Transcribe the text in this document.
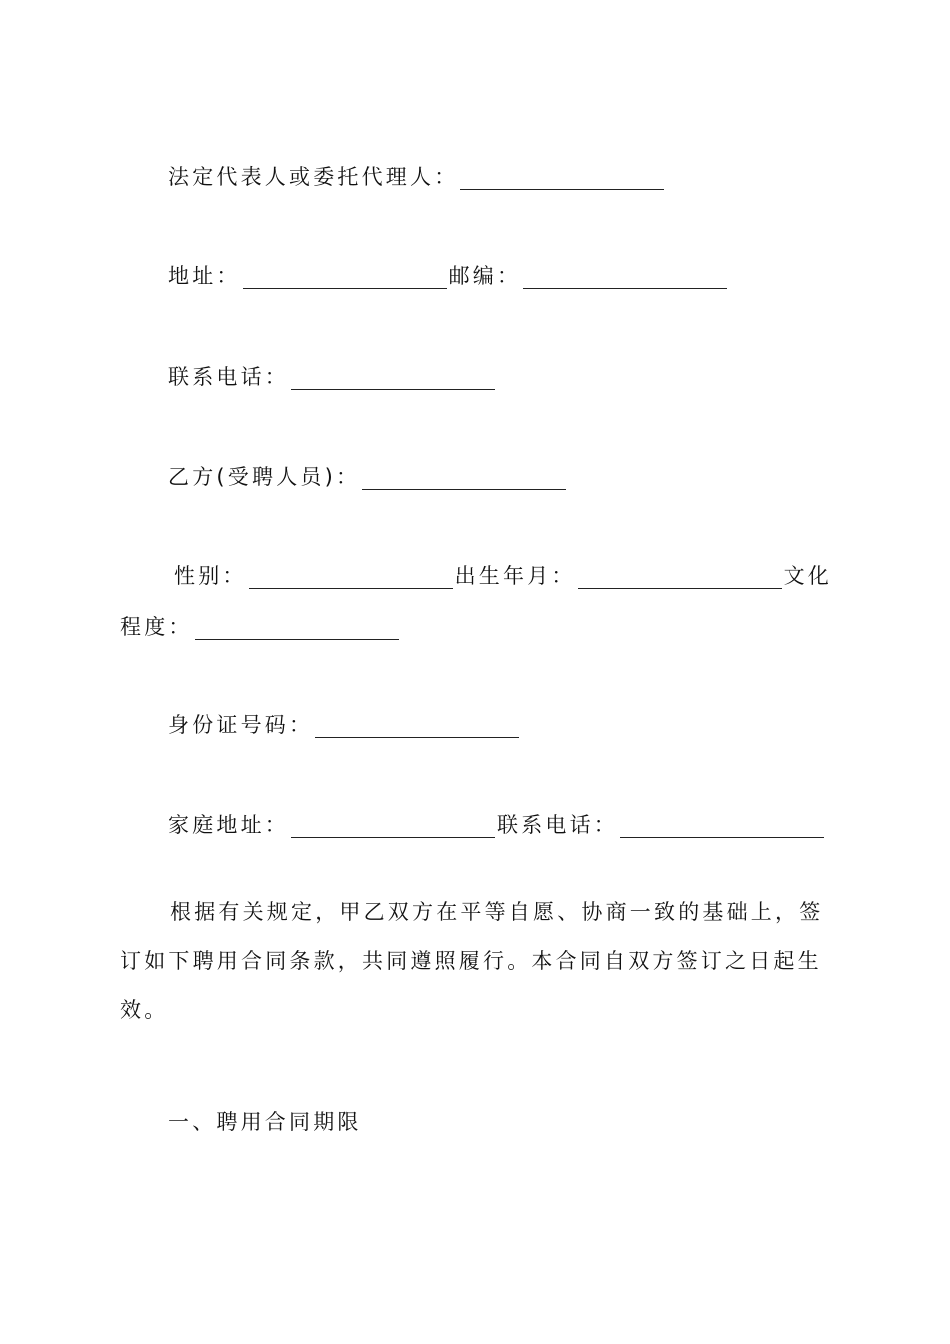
法定代表人或委托代理人：
地址：	邮编：
联系电话：
乙方(受聘人员)：
性别：	出生年月：	文化
程度：
身份证号码：
家庭地址：	联系电话：

根据有关规定，甲乙双方在平等自愿、协商一致的基础上，签订如下聘用合同条款，共同遵照履行。本合同自双方签订之日起生效。

一、聘用合同期限
